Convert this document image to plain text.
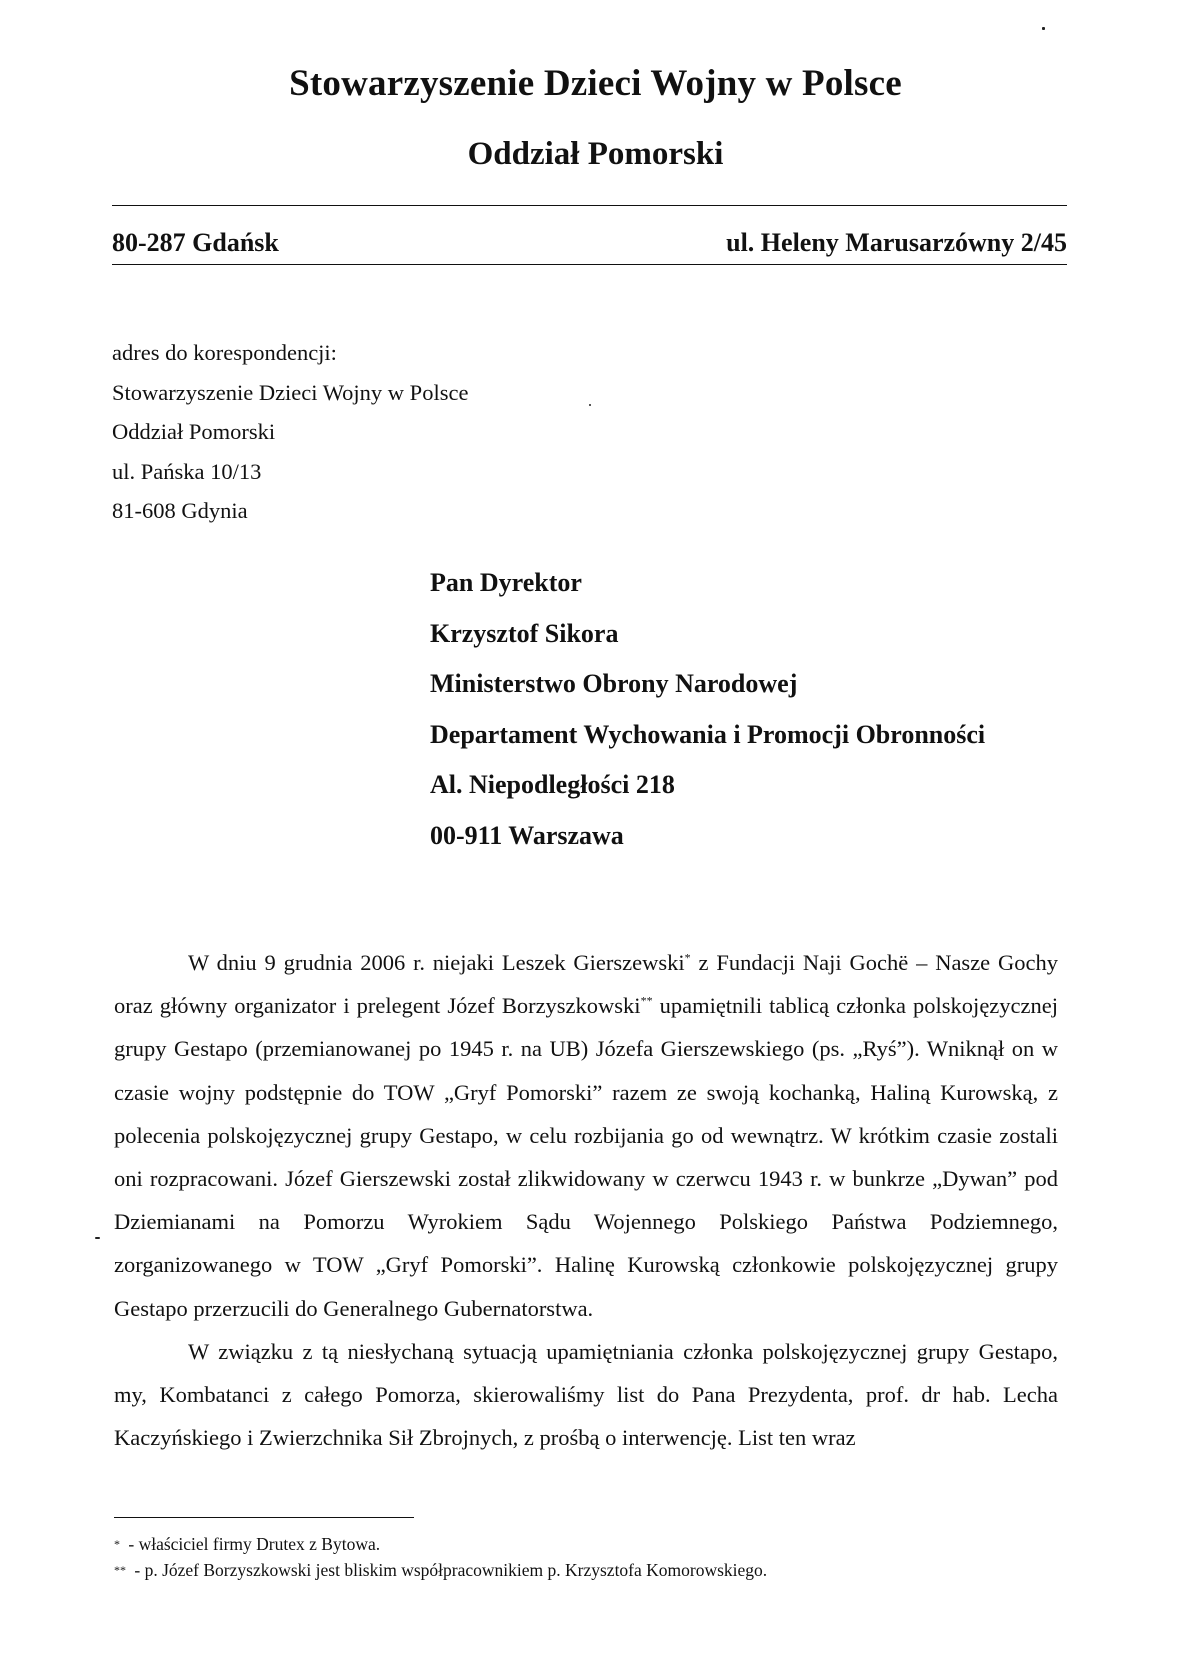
Stowarzyszenie Dzieci Wojny w Polsce
Oddział Pomorski
80-287 Gdańsk	ul. Heleny Marusarzówny 2/45
adres do korespondencji:
Stowarzyszenie Dzieci Wojny w Polsce
Oddział Pomorski
ul. Pańska 10/13
81-608 Gdynia
Pan Dyrektor
Krzysztof Sikora
Ministerstwo Obrony Narodowej
Departament Wychowania i Promocji Obronności
Al. Niepodległości 218
00-911 Warszawa

W dniu 9 grudnia 2006 r. niejaki Leszek Gierszewski* z Fundacji Naji Gochë – Nasze Gochy oraz główny organizator i prelegent Józef Borzyszkowski** upamiętnili tablicą członka polskojęzycznej grupy Gestapo (przemianowanej po 1945 r. na UB) Józefa Gierszewskiego (ps. „Ryś”). Wniknął on w czasie wojny podstępnie do TOW „Gryf Pomorski” razem ze swoją kochanką, Haliną Kurowską, z polecenia polskojęzycznej grupy Gestapo, w celu rozbijania go od wewnątrz. W krótkim czasie zostali oni rozpracowani. Józef Gierszewski został zlikwidowany w czerwcu 1943 r. w bunkrze „Dywan” pod Dziemianami na Pomorzu Wyrokiem Sądu Wojennego Polskiego Państwa Podziemnego, zorganizowanego w TOW „Gryf Pomorski”. Halinę Kurowską członkowie polskojęzycznej grupy Gestapo przerzucili do Generalnego Gubernatorstwa.

W związku z tą niesłychaną sytuacją upamiętniania członka polskojęzycznej grupy Gestapo, my, Kombatanci z całego Pomorza, skierowaliśmy list do Pana Prezydenta, prof. dr hab. Lecha Kaczyńskiego i Zwierzchnika Sił Zbrojnych, z prośbą o interwencję. List ten wraz

* - właściciel firmy Drutex z Bytowa.
** - p. Józef Borzyszkowski jest bliskim współpracownikiem p. Krzysztofa Komorowskiego.
